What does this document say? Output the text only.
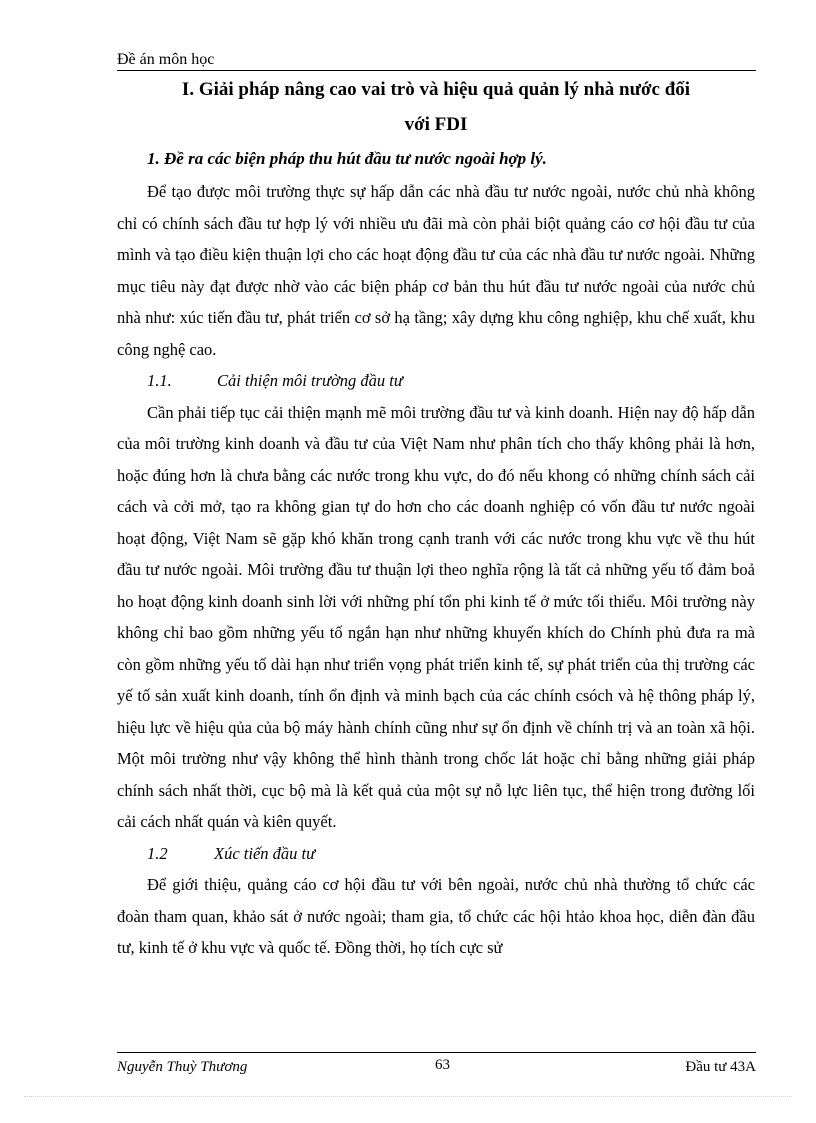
Đề án môn học
I. Giải pháp nâng cao vai trò và hiệu quả quản lý nhà nước đối
với FDI

1. Đề ra các biện pháp thu hút đầu tư nước ngoài hợp lý.

Để tạo được môi trường thực sự hấp dẫn các nhà đầu tư nước ngoài, nước chủ nhà không chỉ có chính sách đầu tư hợp lý với nhiều ưu đãi mà còn phải biột quảng cáo cơ hội đầu tư của mình và tạo điều kiện thuận lợi cho các hoạt động đầu tư của các nhà đầu tư nước ngoài. Những mục tiêu này đạt được nhờ vào các biện pháp cơ bản thu hút đầu tư nước ngoài của nước chủ nhà như: xúc tiến đầu tư, phát triển cơ sở hạ tầng; xây dựng khu công nghiệp, khu chế xuất, khu công nghệ cao.

1.1.	Cải thiện môi trường đầu tư

Cần phải tiếp tục cải thiện mạnh mẽ môi trường đầu tư và kinh doanh. Hiện nay độ hấp dẫn của môi trường kinh doanh và đầu tư của Việt Nam như phân tích cho thấy không phải là hơn, hoặc đúng hơn là chưa bằng các nước trong khu vực, do đó nếu khong có những chính sách cải cách và cởi mở, tạo ra không gian tự do hơn cho các doanh nghiệp có vốn đầu tư nước ngoài hoạt động, Việt Nam sẽ gặp khó khăn trong cạnh tranh với các nước trong khu vực về thu hút đầu tư nước ngoài. Môi trường đầu tư thuận lợi theo nghĩa rộng là tất cả những yếu tố đảm boả ho hoạt động kinh doanh sinh lời với những phí tổn phi kinh tế ở mức tối thiểu. Môi trường này không chỉ bao gồm những yếu tố ngắn hạn như những khuyến khích do Chính phủ đưa ra mà còn gồm những yếu tố dài hạn như triển vọng phát triển kinh tế, sự phát triển của thị trường các yế tố sản xuất kinh doanh, tính ổn định và minh bạch của các chính csóch và hệ thông pháp lý, hiệu lực về hiệu qủa của bộ máy hành chính cũng như sự ổn định về chính trị và an toàn xã hội. Một môi trường như vậy không thể hình thành trong chốc lát hoặc chỉ bằng những giải pháp chính sách nhất thời, cục bộ mà là kết quả của một sự nỗ lực liên tục, thể hiện trong đường lối cải cách nhất quán và kiên quyết.

1.2	Xúc tiến đầu tư

Để giới thiệu, quảng cáo cơ hội đầu tư với bên ngoài, nước chủ nhà thường tổ chức các đoàn tham quan, khảo sát ở nước ngoài; tham gia, tổ chức các hội htảo khoa học, diễn đàn đầu tư, kinh tế ở khu vực và quốc tế. Đồng thời, họ tích cực sử

Nguyễn Thuỳ Thương	63	Đầu tư 43A
